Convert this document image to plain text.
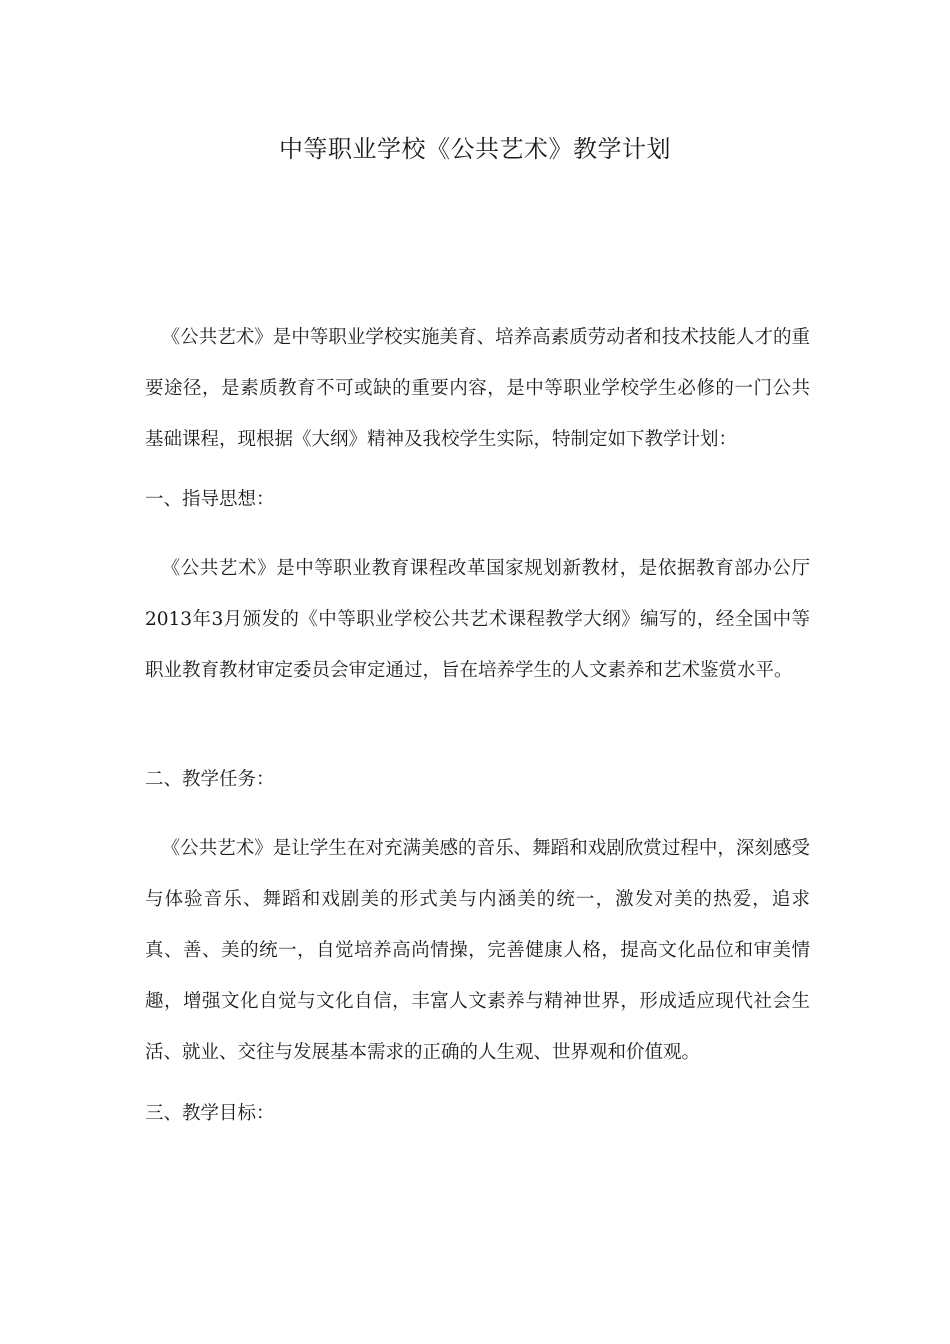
中等职业学校《公共艺术》教学计划

《公共艺术》是中等职业学校实施美育、培养高素质劳动者和技术技能人才的重要途径，是素质教育不可或缺的重要内容，是中等职业学校学生必修的一门公共基础课程，现根据《大纲》精神及我校学生实际，特制定如下教学计划：

一、指导思想：

《公共艺术》是中等职业教育课程改革国家规划新教材，是依据教育部办公厅2013年3月颁发的《中等职业学校公共艺术课程教学大纲》编写的，经全国中等职业教育教材审定委员会审定通过，旨在培养学生的人文素养和艺术鉴赏水平。

二、教学任务：

《公共艺术》是让学生在对充满美感的音乐、舞蹈和戏剧欣赏过程中，深刻感受与体验音乐、舞蹈和戏剧美的形式美与内涵美的统一，激发对美的热爱，追求真、善、美的统一，自觉培养高尚情操，完善健康人格，提高文化品位和审美情趣，增强文化自觉与文化自信，丰富人文素养与精神世界，形成适应现代社会生活、就业、交往与发展基本需求的正确的人生观、世界观和价值观。

三、教学目标：
